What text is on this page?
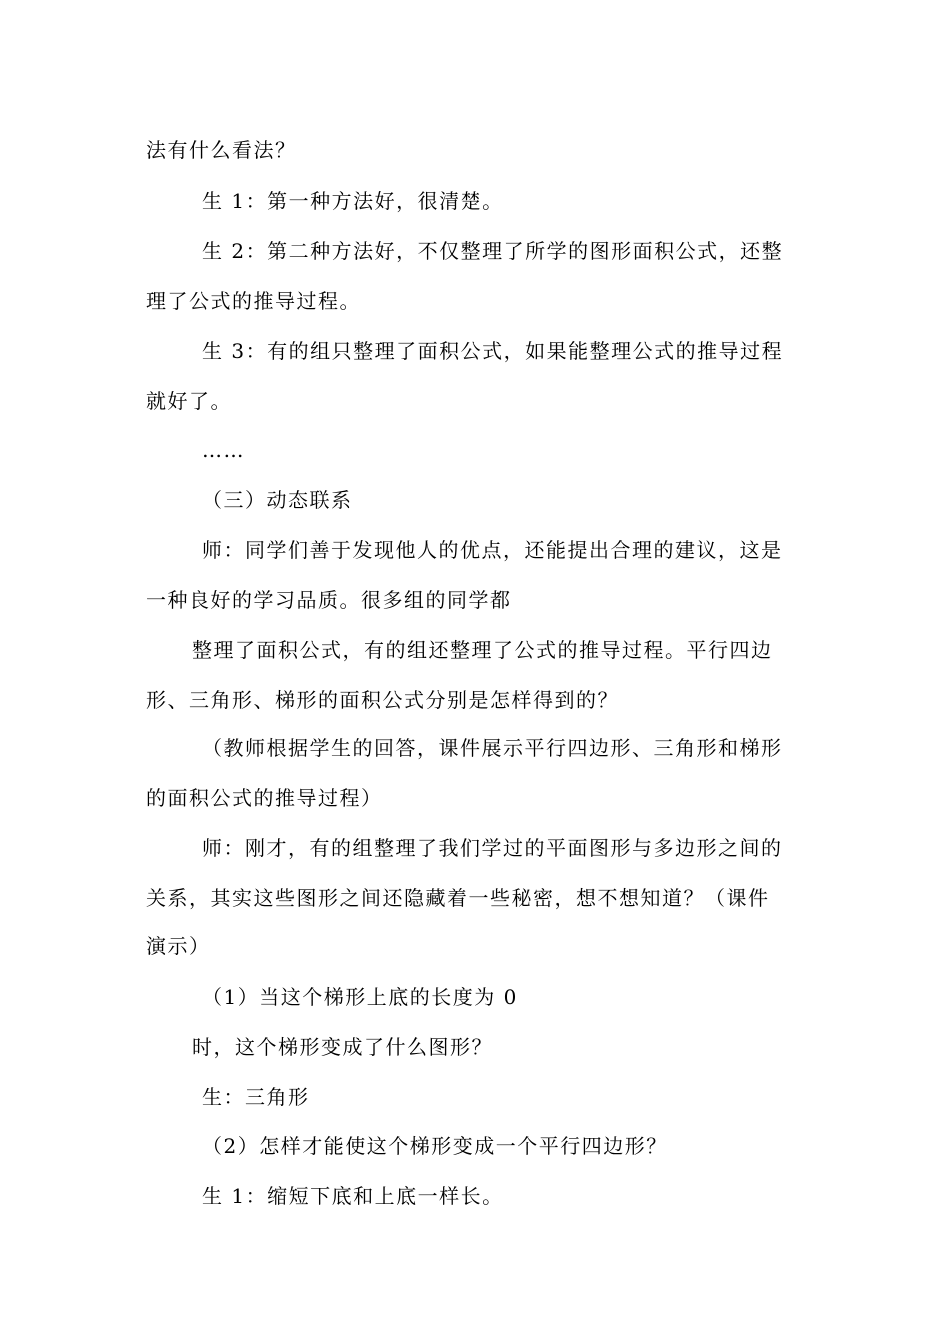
法有什么看法？

生 1：第一种方法好，很清楚。

生 2：第二种方法好，不仅整理了所学的图形面积公式，还整

理了公式的推导过程。

生 3：有的组只整理了面积公式，如果能整理公式的推导过程

就好了。

……

（三）动态联系

师：同学们善于发现他人的优点，还能提出合理的建议，这是

一种良好的学习品质。很多组的同学都

整理了面积公式，有的组还整理了公式的推导过程。平行四边

形、三角形、梯形的面积公式分别是怎样得到的？

（教师根据学生的回答，课件展示平行四边形、三角形和梯形

的面积公式的推导过程）

师：刚才，有的组整理了我们学过的平面图形与多边形之间的

关系，其实这些图形之间还隐藏着一些秘密，想不想知道？（课件

演示）

（1）当这个梯形上底的长度为 0

时，这个梯形变成了什么图形？

生：三角形

（2）怎样才能使这个梯形变成一个平行四边形？

生 1：缩短下底和上底一样长。
